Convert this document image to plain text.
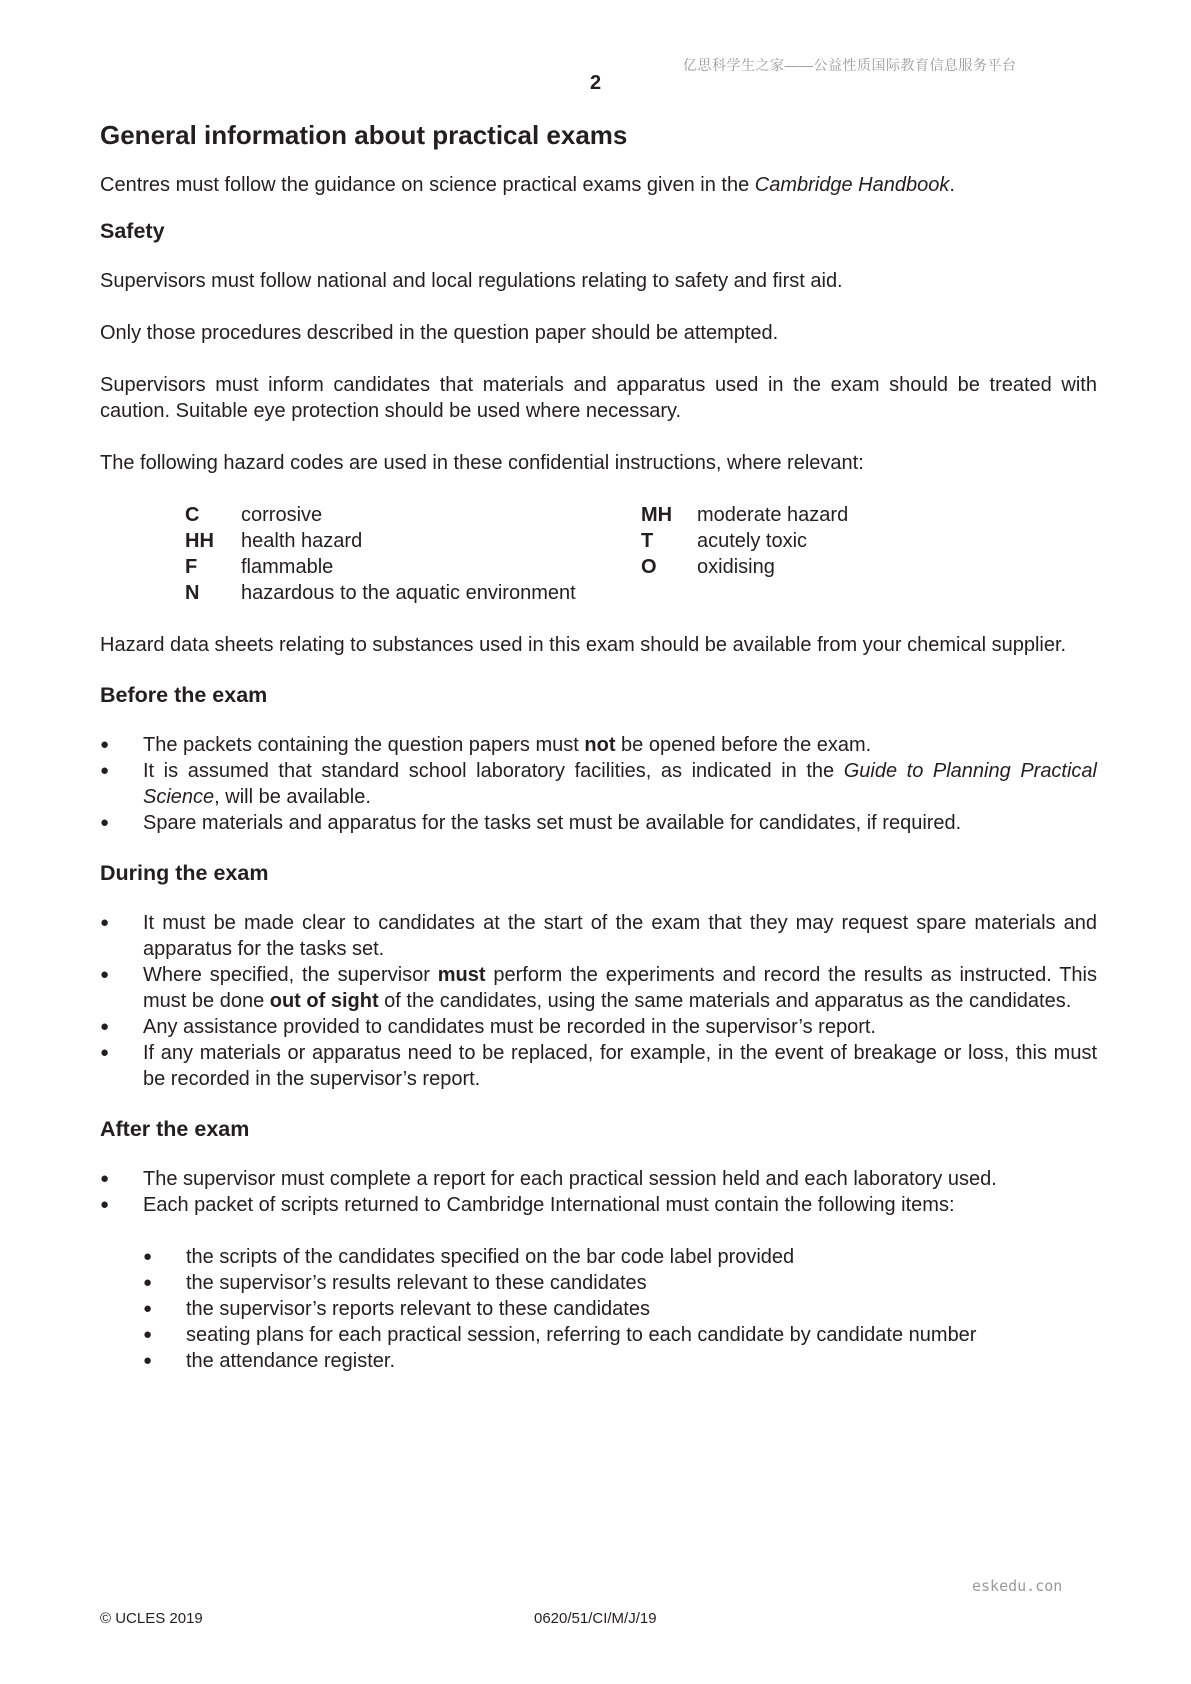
亿思科学生之家——公益性质国际教育信息服务平台
2
General information about practical exams

Centres must follow the guidance on science practical exams given in the Cambridge Handbook.

Safety

Supervisors must follow national and local regulations relating to safety and first aid.

Only those procedures described in the question paper should be attempted.

Supervisors must inform candidates that materials and apparatus used in the exam should be treated with caution. Suitable eye protection should be used where necessary.

The following hazard codes are used in these confidential instructions, where relevant:

C	corrosive	MH	moderate hazard
HH	health hazard	T	acutely toxic
F	flammable	O	oxidising
N	hazardous to the aquatic environment

Hazard data sheets relating to substances used in this exam should be available from your chemical supplier.

Before the exam
● The packets containing the question papers must not be opened before the exam.
● It is assumed that standard school laboratory facilities, as indicated in the Guide to Planning Practical Science, will be available.
● Spare materials and apparatus for the tasks set must be available for candidates, if required.
During the exam
● It must be made clear to candidates at the start of the exam that they may request spare materials and apparatus for the tasks set.
● Where specified, the supervisor must perform the experiments and record the results as instructed. This must be done out of sight of the candidates, using the same materials and apparatus as the candidates.
● Any assistance provided to candidates must be recorded in the supervisor’s report.
● If any materials or apparatus need to be replaced, for example, in the event of breakage or loss, this must be recorded in the supervisor’s report.
After the exam
● The supervisor must complete a report for each practical session held and each laboratory used.
● Each packet of scripts returned to Cambridge International must contain the following items:
● the scripts of the candidates specified on the bar code label provided
● the supervisor’s results relevant to these candidates
● the supervisor’s reports relevant to these candidates
● seating plans for each practical session, referring to each candidate by candidate number
● the attendance register.
eskedu.con
© UCLES 2019	0620/51/CI/M/J/19
